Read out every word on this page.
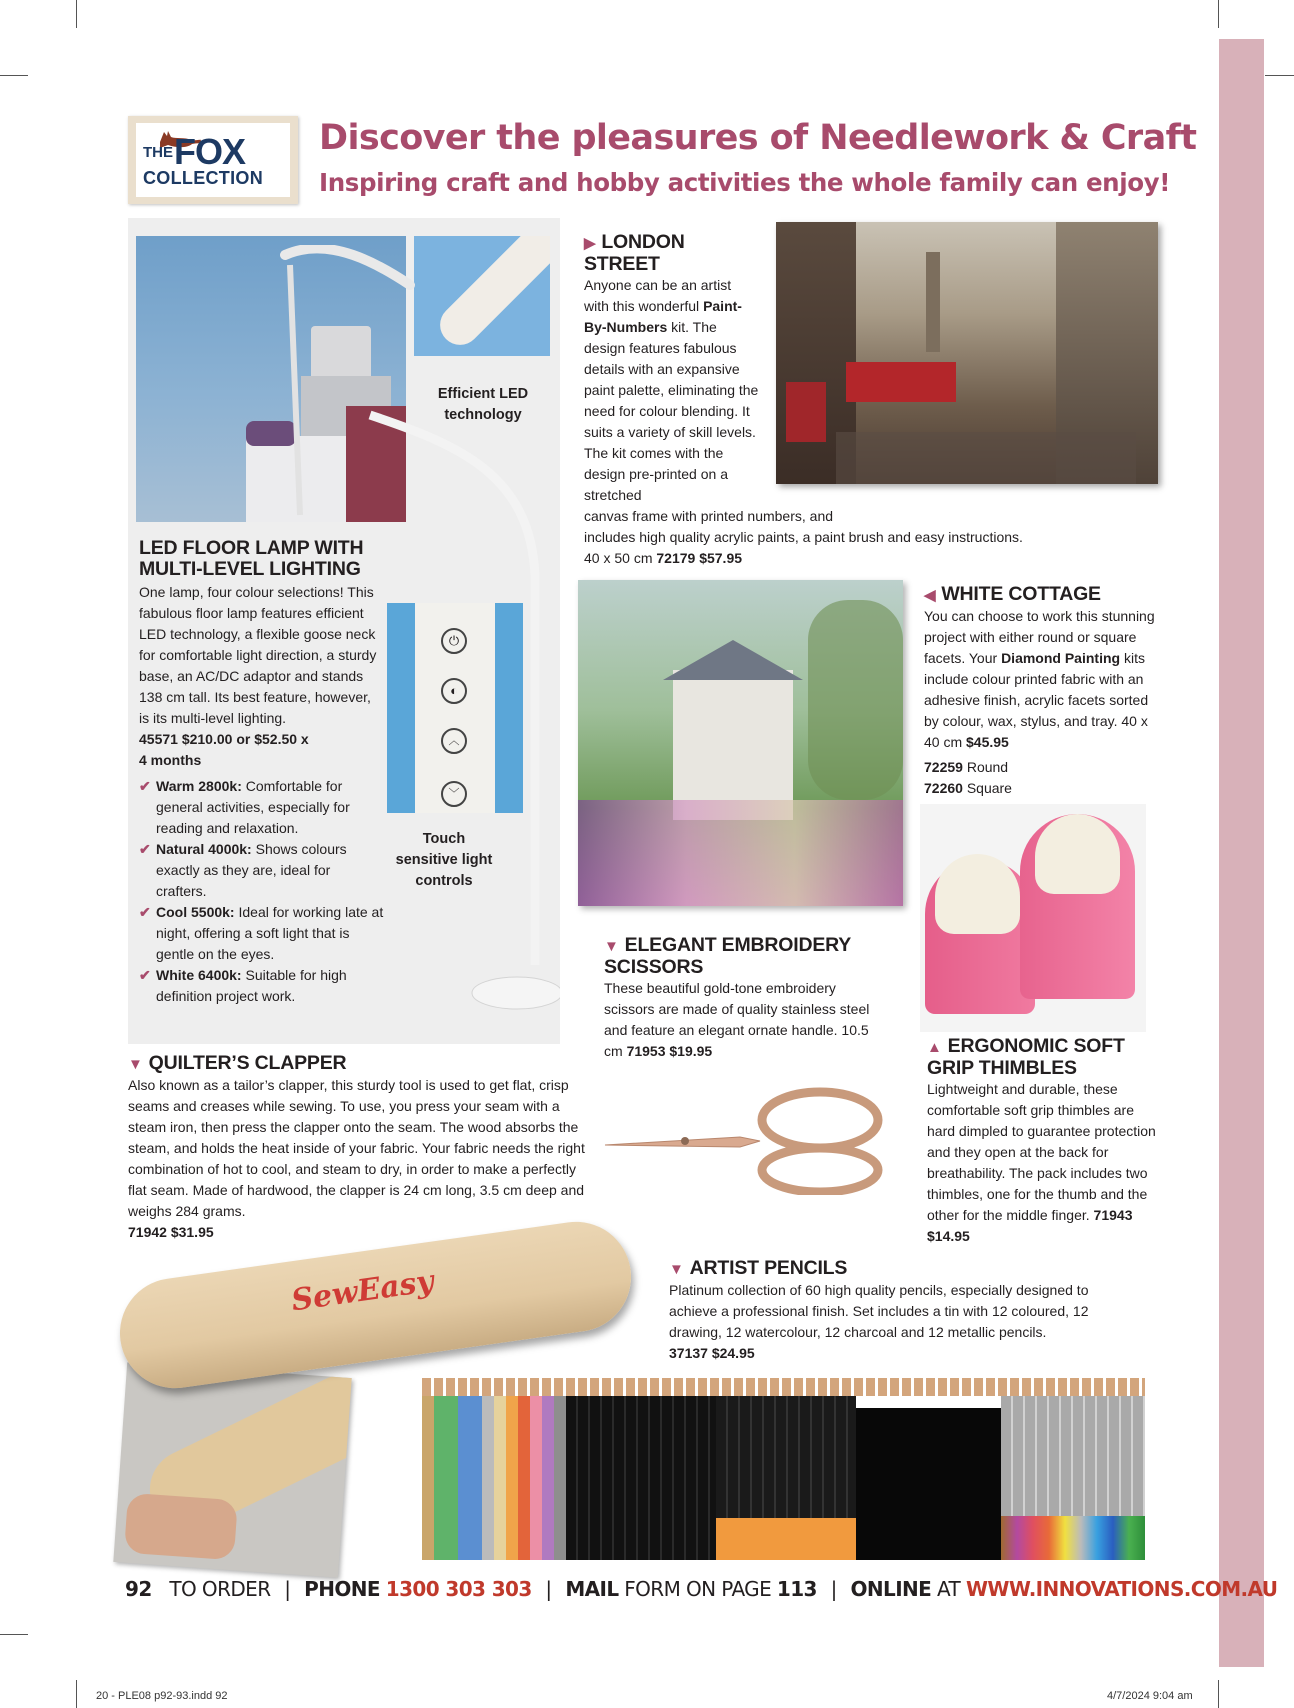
THE FOX
COLLECTION
Discover the pleasures of Needlework & Craft
Inspiring craft and hobby activities the whole family can enjoy!
Efficient LED technology
⏻
◐
︿
﹀
Touch sensitive light controls
LED FLOOR LAMP WITH
MULTI-LEVEL LIGHTING
One lamp, four colour selections! This fabulous floor lamp features efficient LED technology, a flexible goose neck for comfortable light direction, a sturdy base, an AC/DC adaptor and stands 138 cm tall. Its best feature, however, is its multi-level lighting.
45571 $210.00 or $52.50 x
4 months
✔ Warm 2800k: Comfortable for general activities, especially for reading and relaxation.
✔ Natural 4000k: Shows colours exactly as they are, ideal for crafters.
✔ Cool 5500k: Ideal for working late at night, offering a soft light that is gentle on the eyes.
✔ White 6400k: Suitable for high definition project work.
▶ LONDON
STREET
Anyone can be an artist with this wonderful Paint-By-Numbers kit. The design features fabulous details with an expansive paint palette, eliminating the need for colour blending. It suits a variety of skill levels. The kit comes with the design pre-printed on a stretched
canvas frame with printed numbers, and
includes high quality acrylic paints, a paint brush and easy instructions.
40 x 50 cm 72179 $57.95
◀ WHITE COTTAGE
You can choose to work this stunning project with either round or square facets. Your Diamond Painting kits include colour printed fabric with an adhesive finish, acrylic facets sorted by colour, wax, stylus, and tray. 40 x 40 cm $45.95
72259 Round
72260 Square
▲ ERGONOMIC SOFT
GRIP THIMBLES
Lightweight and durable, these comfortable soft grip thimbles are hard dimpled to guarantee protection and they open at the back for breathability. The pack includes two thimbles, one for the thumb and the other for the middle finger. 71943 $14.95
▼ ELEGANT EMBROIDERY
SCISSORS
These beautiful gold-tone embroidery scissors are made of quality stainless steel and feature an elegant ornate handle. 10.5 cm 71953 $19.95
▼ QUILTER’S CLAPPER
Also known as a tailor’s clapper, this sturdy tool is used to get flat, crisp seams and creases while sewing. To use, you press your seam with a steam iron, then press the clapper onto the seam. The wood absorbs the steam, and holds the heat inside of your fabric. Your fabric needs the right combination of hot to cool, and steam to dry, in order to make a perfectly flat seam. Made of hardwood, the clapper is 24 cm long, 3.5 cm deep and weighs 284 grams.
71942 $31.95
SewEasy	▼ ARTIST PENCILS
Platinum collection of 60 high quality pencils, especially designed to achieve a professional finish. Set includes a tin with 12 coloured, 12 drawing, 12 watercolour, 12 charcoal and 12 metallic pencils.
37137 $24.95
92 TO ORDER | PHONE 1300 303 303 | MAIL FORM ON PAGE 113 | ONLINE AT WWW.INNOVATIONS.COM.AU
20 - PLE08 p92-93.indd 92	4/7/2024 9:04 am
